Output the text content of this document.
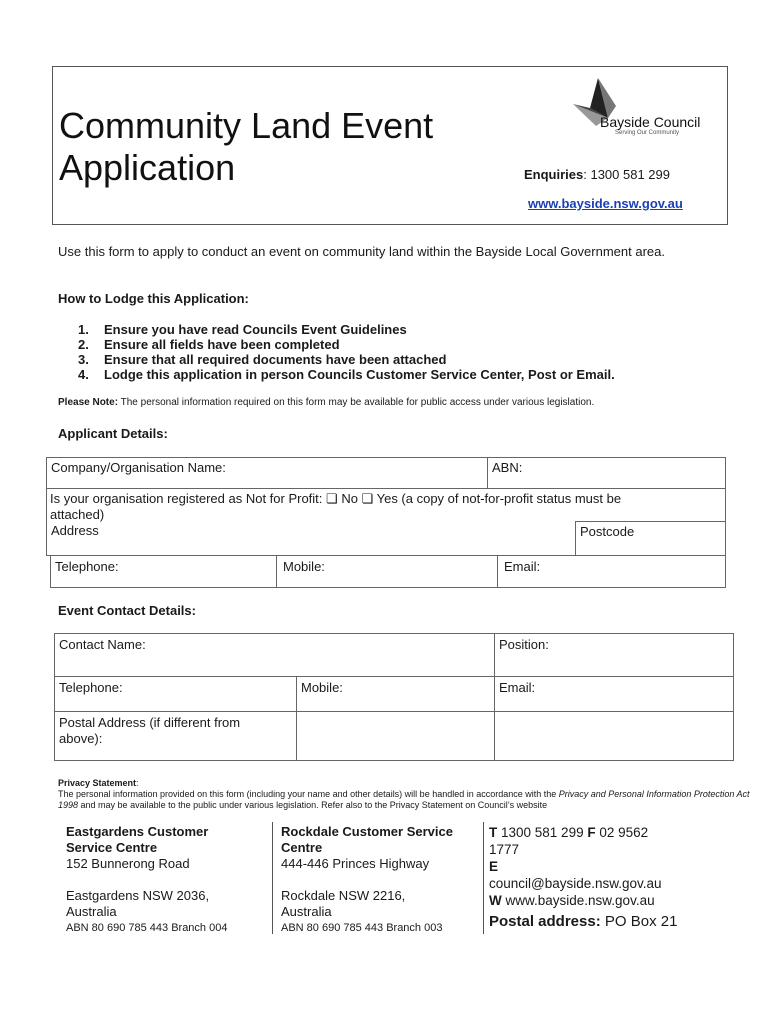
Community Land Event
Application
Bayside Council
Serving Our Community
Enquiries: 1300 581 299
www.bayside.nsw.gov.au
Use this form to apply to conduct an event on community land within the Bayside Local Government area.
How to Lodge this Application:
1.	Ensure you have read Councils Event Guidelines
2.	Ensure all fields have been completed
3.	Ensure that all required documents have been attached
4.	Lodge this application in person Councils Customer Service Center, Post or Email.
Please Note: The personal information required on this form may be available for public access under various legislation.
Applicant Details:
Company/Organisation Name:	ABN:
Is your organisation registered as Not for Profit: ❏ No ❏ Yes (a copy of not-for-profit status must be
attached)
Address	Postcode
Telephone:	Mobile:	Email:
Event Contact Details:
Contact Name:	Position:
Telephone:	Mobile:	Email:
Postal Address (if different from
above):
Privacy Statement:
The personal information provided on this form (including your name and other details) will be handled in accordance with the Privacy and Personal Information Protection Act 1998 and may be available to the public under various legislation. Refer also to the Privacy Statement on Council’s website
Eastgardens Customer
Service Centre
152 Bunnerong Road
Eastgardens NSW 2036,
Australia
ABN 80 690 785 443 Branch 004
Rockdale Customer Service
Centre
444-446 Princes Highway
Rockdale NSW 2216,
Australia
ABN 80 690 785 443 Branch 003
T 1300 581 299 F 02 9562
1777
E
council@bayside.nsw.gov.au
W www.bayside.nsw.gov.au
Postal address: PO Box 21
